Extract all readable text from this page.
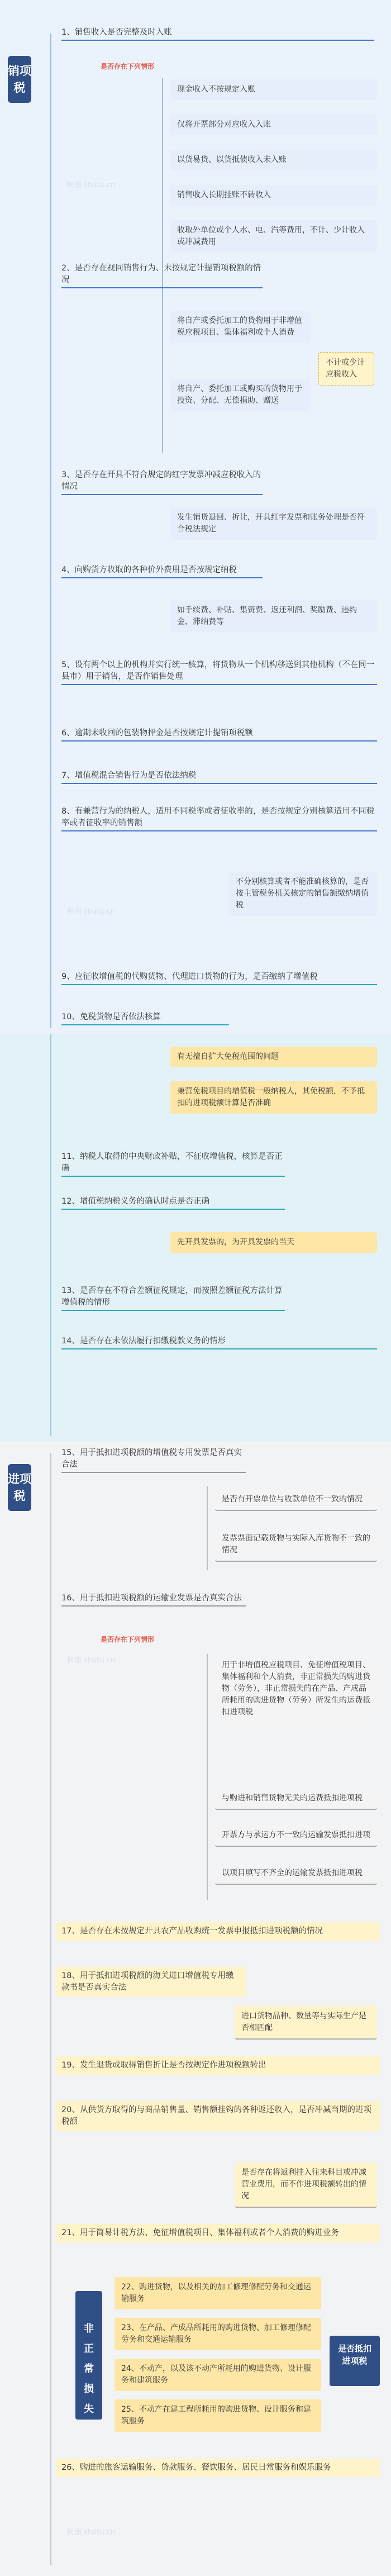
销项税
进项税
1、销售收入是否完整及时入账
是否存在下列情形
现金收入不按规定入账
仅将开票部分对应收入入账
以货易货、以货抵债收入未入账
销售收入长期挂账不转收入
收取外单位或个人水、电、汽等费用，不计、少计收入或冲减费用
2、是否存在视同销售行为、未按规定计提销项税额的情况
将自产或委托加工的货物用于非增值税应税项目、集体福利或个人消费
将自产、委托加工或购买的货物用于投资、分配、无偿捐助、赠送
不计或少计应税收入
3、是否存在开具不符合规定的红字发票冲减应税收入的情况
发生销货退回、折让，开具红字发票和账务处理是否符合税法规定
4、向购货方收取的各种价外费用是否按规定纳税
如手续费、补贴、集资费、返还利润、奖励费、违约金、滞纳费等
5、设有两个以上的机构并实行统一核算，将货物从一个机构移送到其他机构（不在同一县市）用于销售，是否作销售处理
6、逾期未收回的包装物押金是否按规定计提销项税额
7、增值税混合销售行为是否依法纳税
8、有兼营行为的纳税人，适用不同税率或者征收率的，是否按规定分别核算适用不同税率或者征收率的销售额
不分别核算或者不能准确核算的，是否按主管税务机关核定的销售额缴纳增值税
9、应征收增值税的代购货物、代理进口货物的行为，是否缴纳了增值税
10、免税货物是否依法核算
有无擅自扩大免税范围的问题
兼营免税项目的增值税一般纳税人，其免税额，不予抵扣的进项税额计算是否准确
11、纳税人取得的中央财政补贴，不征收增值税，核算是否正确
12、增值税纳税义务的确认时点是否正确
先开具发票的，为开具发票的当天
13、是否存在不符合差额征税规定，而按照差额征税方法计算增值税的情形
14、是否存在未依法履行扣缴税款义务的情形
15、用于抵扣进项税额的增值税专用发票是否真实合法
是否有开票单位与收款单位不一致的情况
发票票面记载货物与实际入库货物不一致的情况
16、用于抵扣进项税额的运输业发票是否真实合法
是否存在下列情形
用于非增值税应税项目、免征增值税项目、集体福利和个人消费，非正常损失的购进货物（劳务），非正常损失的在产品、产成品所耗用的购进货物（劳务）所发生的运费抵扣进项税
与购进和销售货物无关的运费抵扣进项税
开票方与承运方不一致的运输发票抵扣进项
以项目填写不齐全的运输发票抵扣进项税
17、是否存在未按规定开具农产品收购统一发票申报抵扣进项税额的情况
18、用于抵扣进项税额的海关进口增值税专用缴款书是否真实合法
进口货物品种、数量等与实际生产是否相匹配
19、发生退货或取得销售折让是否按规定作进项税额转出
20、从供货方取得的与商品销售量、销售额挂钩的各种返还收入，是否冲减当期的进项税额
是否存在将返利挂入往来科目或冲减营业费用，而不作进项税额转出的情况
21、用于简易计税方法、免征增值税项目、集体福利或者个人消费的购进业务
非正常损失
22、购进货物，以及相关的加工修理修配劳务和交通运输服务
23、在产品、产成品所耗用的购进货物、加工修理修配劳务和交通运输服务
24、不动产，以及该不动产所耗用的购进货物、设计服务和建筑服务
25、不动产在建工程所耗用的购进货物、设计服务和建筑服务
是否抵扣进项税
26、购进的旅客运输服务、贷款服务、餐饮服务、居民日常服务和娱乐服务
树图 shutu.cn
树图 shutu.cn
树图 shutu.cn
树图 shutu.cn
